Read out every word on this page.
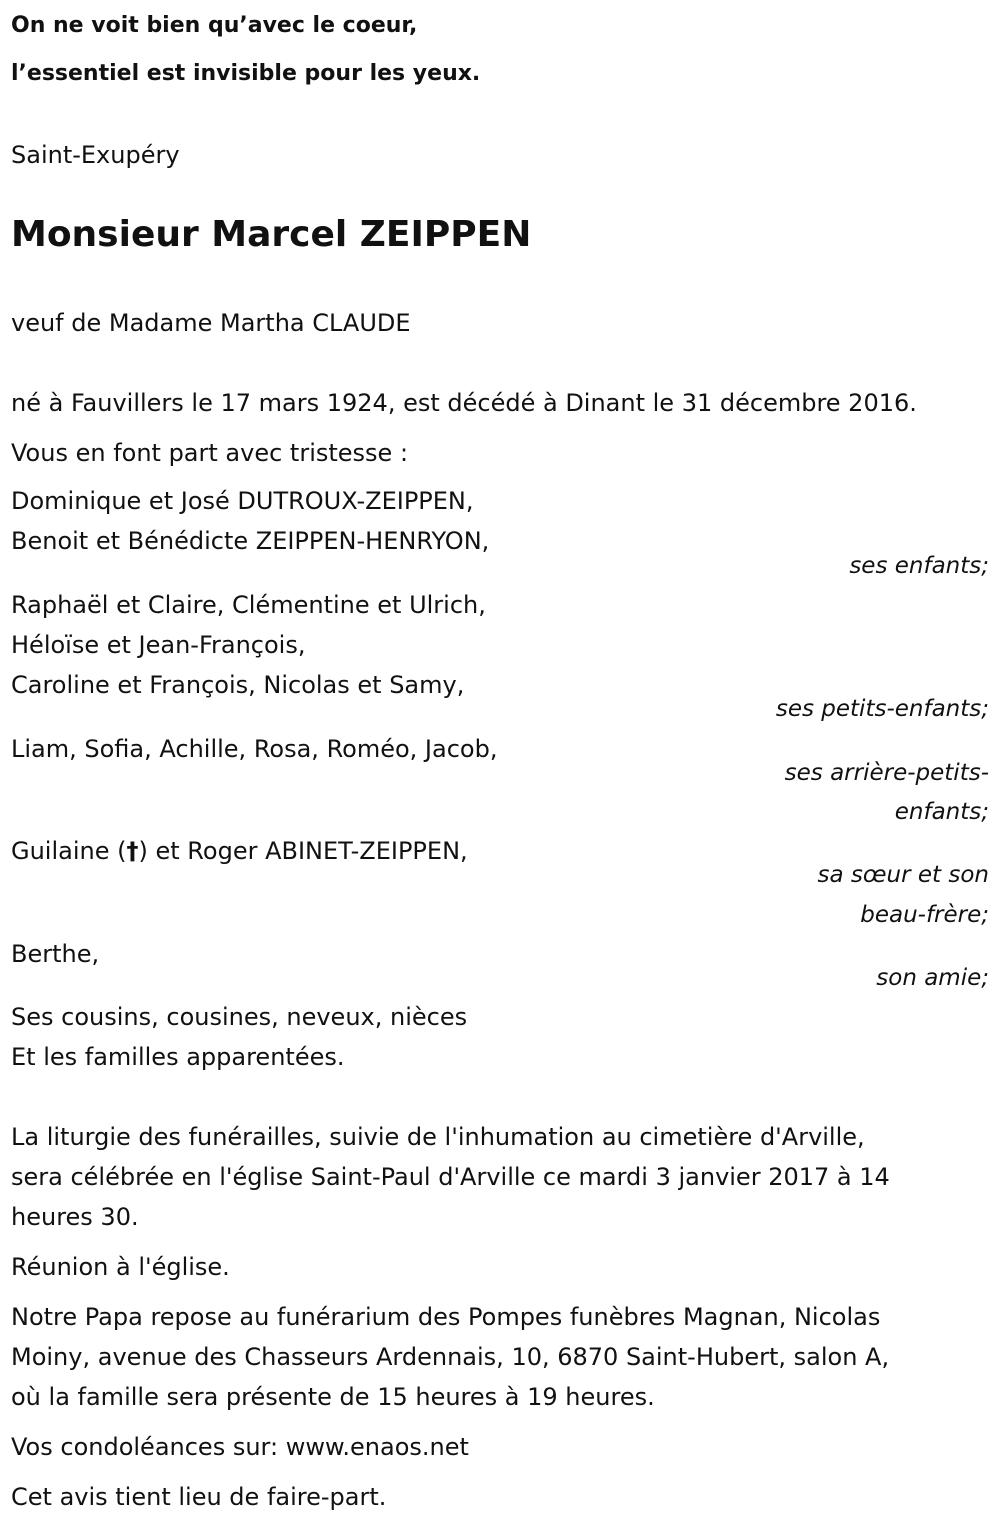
On ne voit bien qu’avec le coeur,

l’essentiel est invisible pour les yeux.

Saint-Exupéry

Monsieur Marcel ZEIPPEN

veuf de Madame Martha CLAUDE

né à Fauvillers le 17 mars 1924, est décédé à Dinant le 31 décembre 2016.

Vous en font part avec tristesse :

Dominique et José DUTROUX-ZEIPPEN,

Benoit et Bénédicte ZEIPPEN-HENRYON,

ses enfants;

Raphaël et Claire, Clémentine et Ulrich,

Héloïse et Jean-François,

Caroline et François, Nicolas et Samy,

ses petits-enfants;

Liam, Sofia, Achille, Rosa, Roméo, Jacob,

ses arrière-petits-

enfants;

Guilaine (†) et Roger ABINET-ZEIPPEN,

sa sœur et son

beau-frère;

Berthe,

son amie;

Ses cousins, cousines, neveux, nièces

Et les familles apparentées.

La liturgie des funérailles, suivie de l'inhumation au cimetière d'Arville,

sera célébrée en l'église Saint-Paul d'Arville ce mardi 3 janvier 2017 à 14

heures 30.

Réunion à l'église.

Notre Papa repose au funérarium des Pompes funèbres Magnan, Nicolas

Moiny, avenue des Chasseurs Ardennais, 10, 6870 Saint-Hubert, salon A,

où la famille sera présente de 15 heures à 19 heures.

Vos condoléances sur: www.enaos.net

Cet avis tient lieu de faire-part.
